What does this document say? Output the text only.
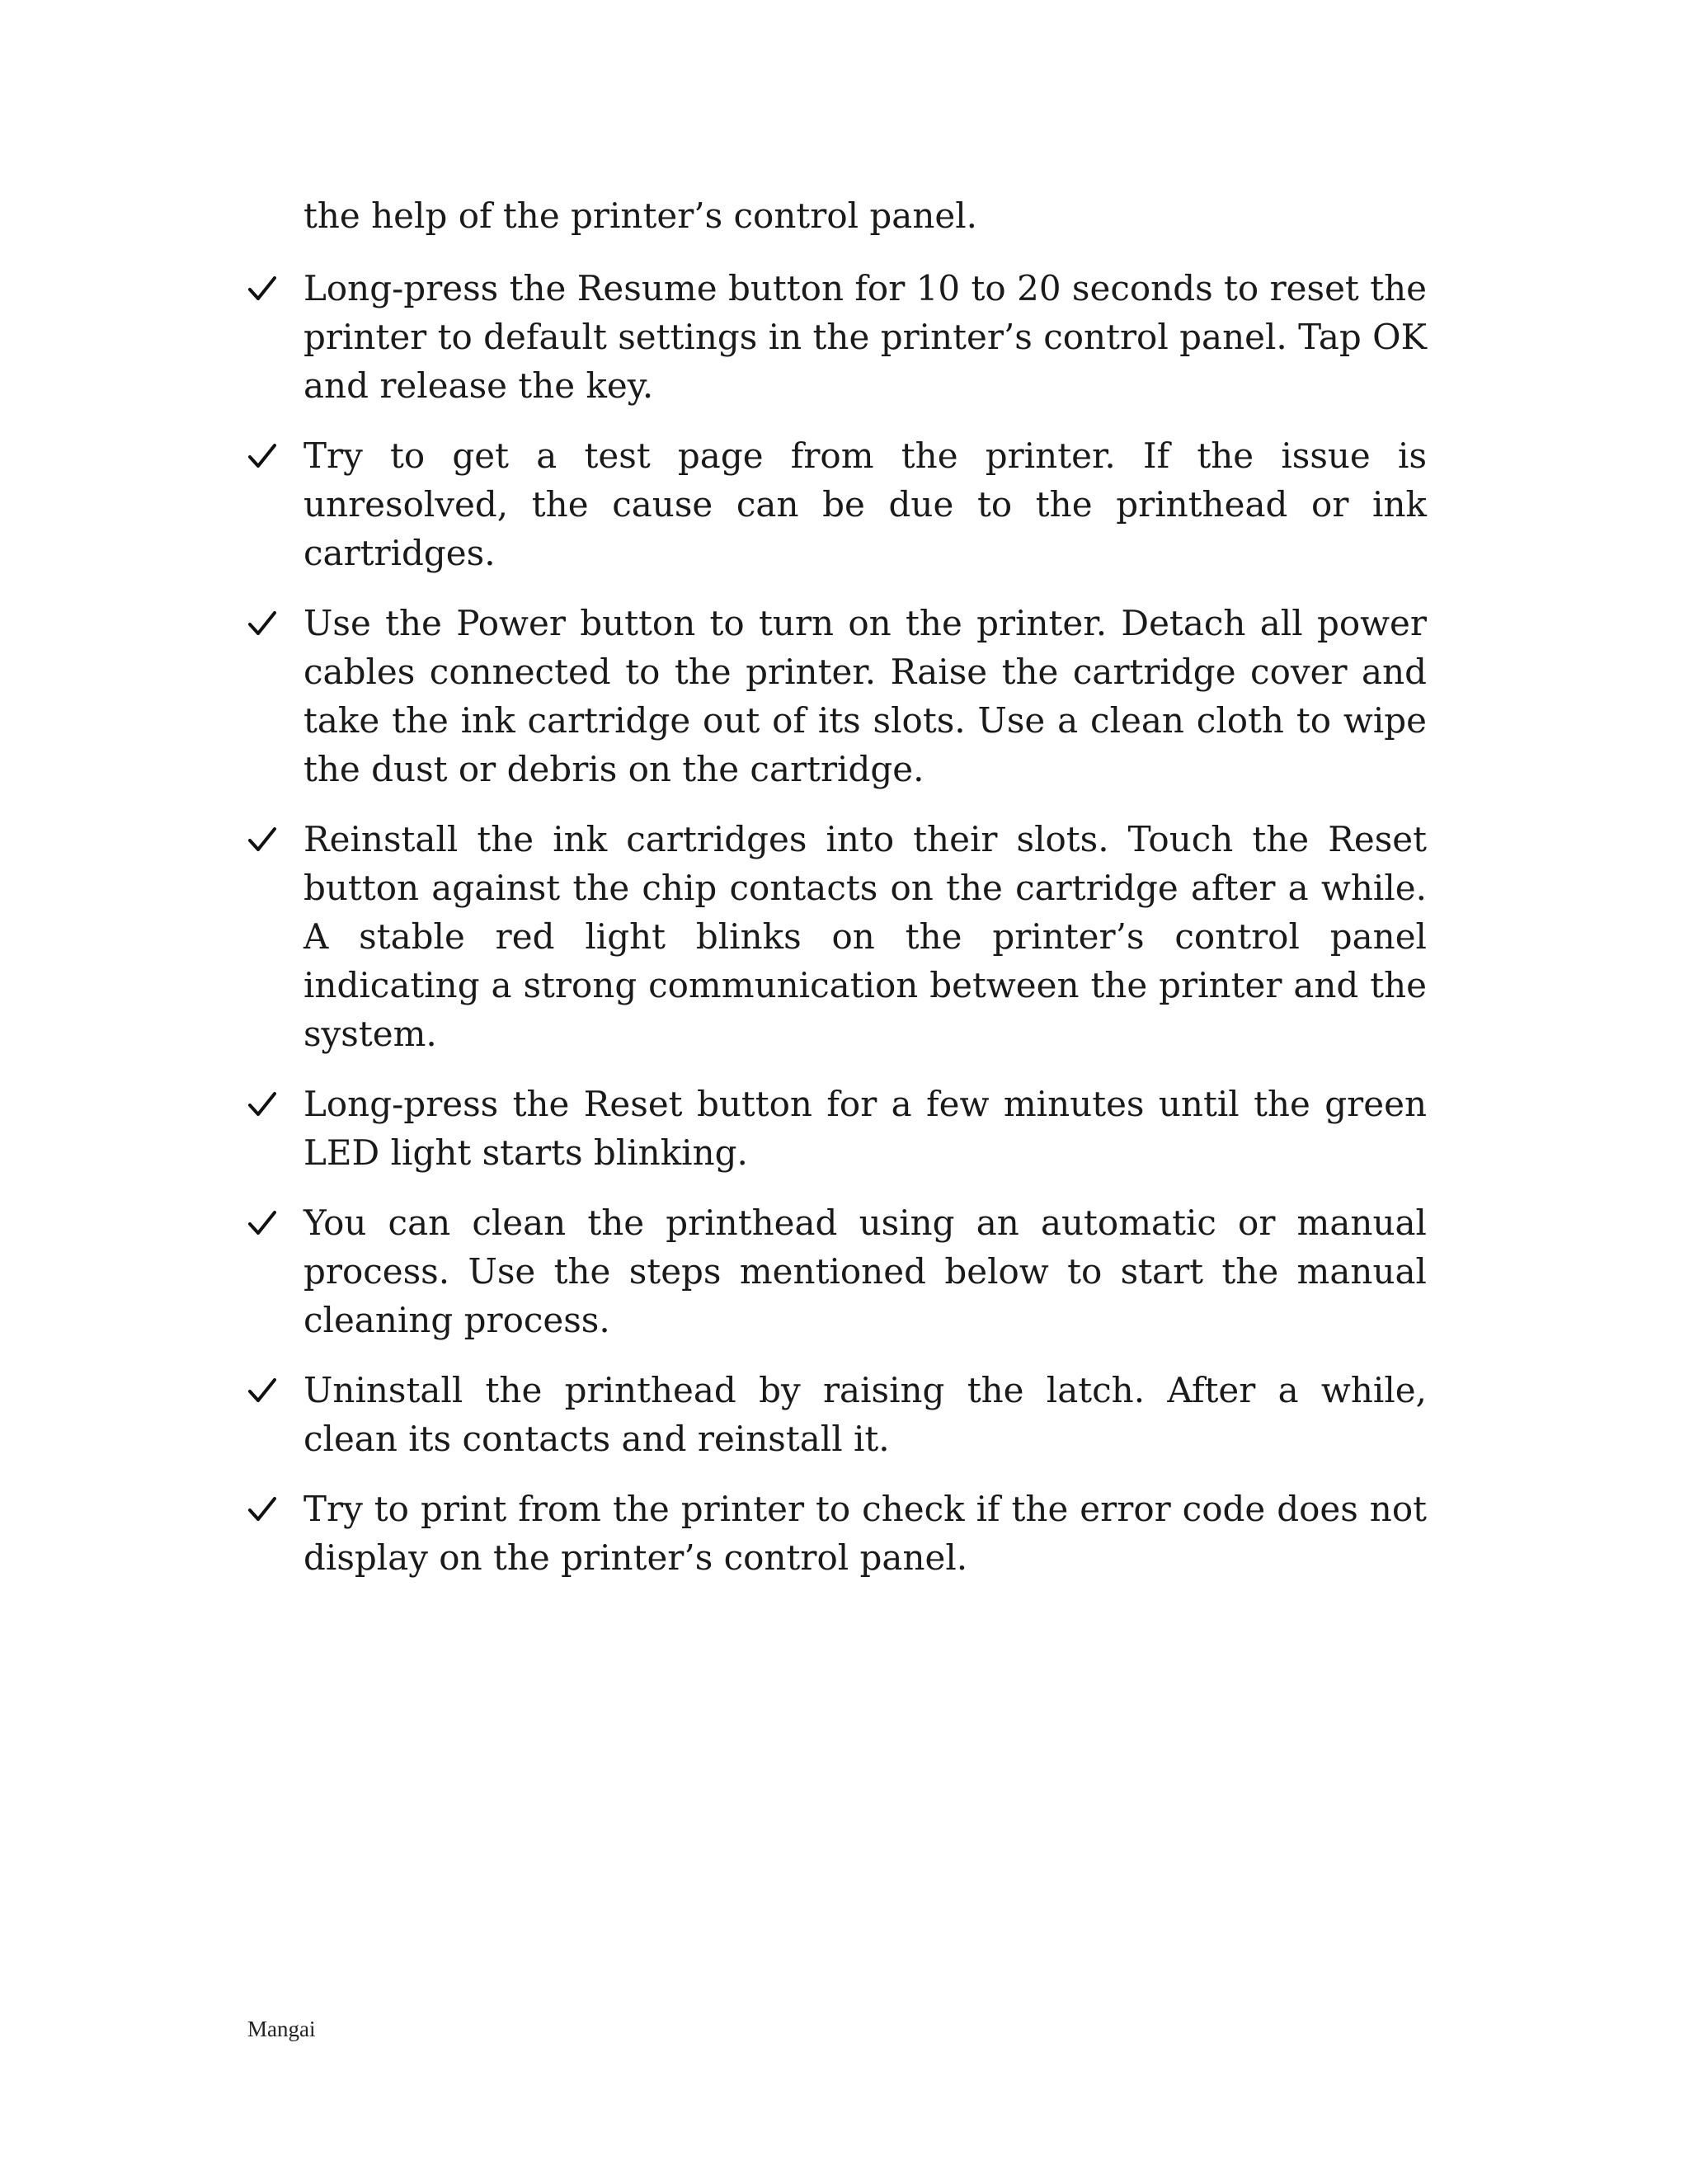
the help of the printer’s control panel.

Long-press the Resume button for 10 to 20 seconds to reset the printer to default settings in the printer’s control panel. Tap OK and release the key.
Try to get a test page from the printer. If the issue is unresolved, the cause can be due to the printhead or ink cartridges.
Use the Power button to turn on the printer. Detach all power cables connected to the printer. Raise the cartridge cover and take the ink cartridge out of its slots. Use a clean cloth to wipe the dust or debris on the cartridge.
Reinstall the ink cartridges into their slots. Touch the Reset button against the chip contacts on the cartridge after a while. A stable red light blinks on the printer’s control panel indicating a strong communication between the printer and the system.
Long-press the Reset button for a few minutes until the green LED light starts blinking.
You can clean the printhead using an automatic or manual process. Use the steps mentioned below to start the manual cleaning process.
Uninstall the printhead by raising the latch. After a while, clean its contacts and reinstall it.
Try to print from the printer to check if the error code does not display on the printer’s control panel.
Mangai
